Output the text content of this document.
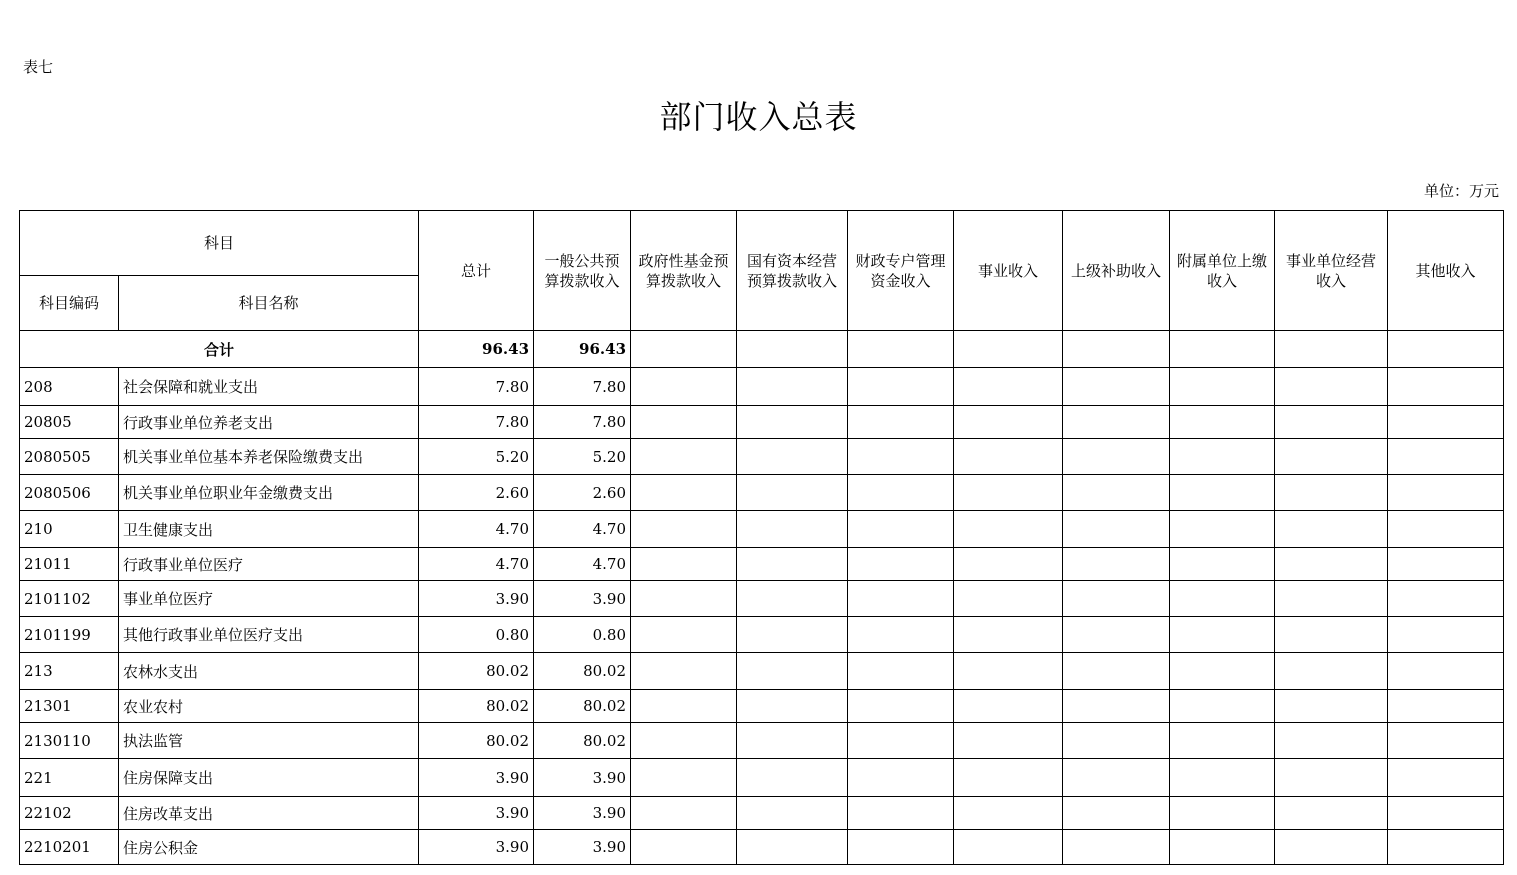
表七
部门收入总表
单位：万元
科目		总计	一般公共预算拨款收入	政府性基金预算拨款收入	国有资本经营预算拨款收入	财政专户管理资金收入	事业收入	上级补助收入	附属单位上缴收入	事业单位经营收入	其他收入
科目编码	科目名称										
合计		96.43	96.43								
208	社会保障和就业支出	7.80	7.80								
20805	行政事业单位养老支出	7.80	7.80								
2080505	机关事业单位基本养老保险缴费支出	5.20	5.20								
2080506	机关事业单位职业年金缴费支出	2.60	2.60								
210	卫生健康支出	4.70	4.70								
21011	行政事业单位医疗	4.70	4.70								
2101102	事业单位医疗	3.90	3.90								
2101199	其他行政事业单位医疗支出	0.80	0.80								
213	农林水支出	80.02	80.02								
21301	农业农村	80.02	80.02								
2130110	执法监管	80.02	80.02								
221	住房保障支出	3.90	3.90								
22102	住房改革支出	3.90	3.90								
2210201	住房公积金	3.90	3.90								
